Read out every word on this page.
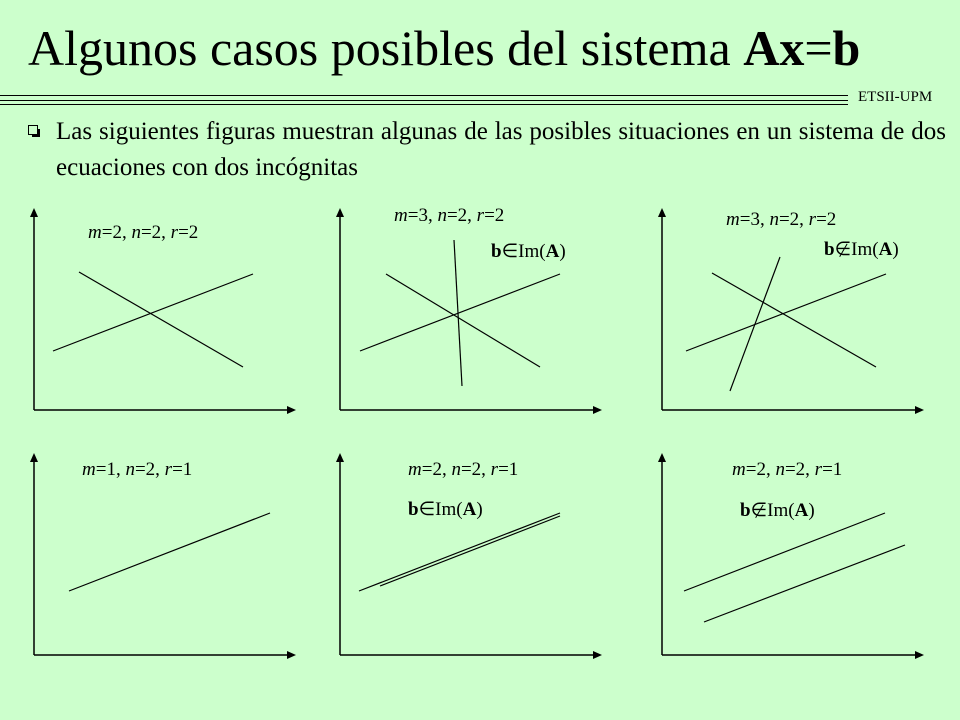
Algunos casos posibles del sistema Ax=b
ETSII-UPM
Las siguientes figuras muestran algunas de las posibles situaciones en un sistema de dos ecuaciones con dos incógnitas
m=2, n=2, r=2
m=3, n=2, r=2
b∈Im(A)
m=3, n=2, r=2
b∈Im(A)
m=1, n=2, r=1	m=2, n=2, r=1
b∈Im(A)
m=2, n=2, r=1
b∈Im(A)
